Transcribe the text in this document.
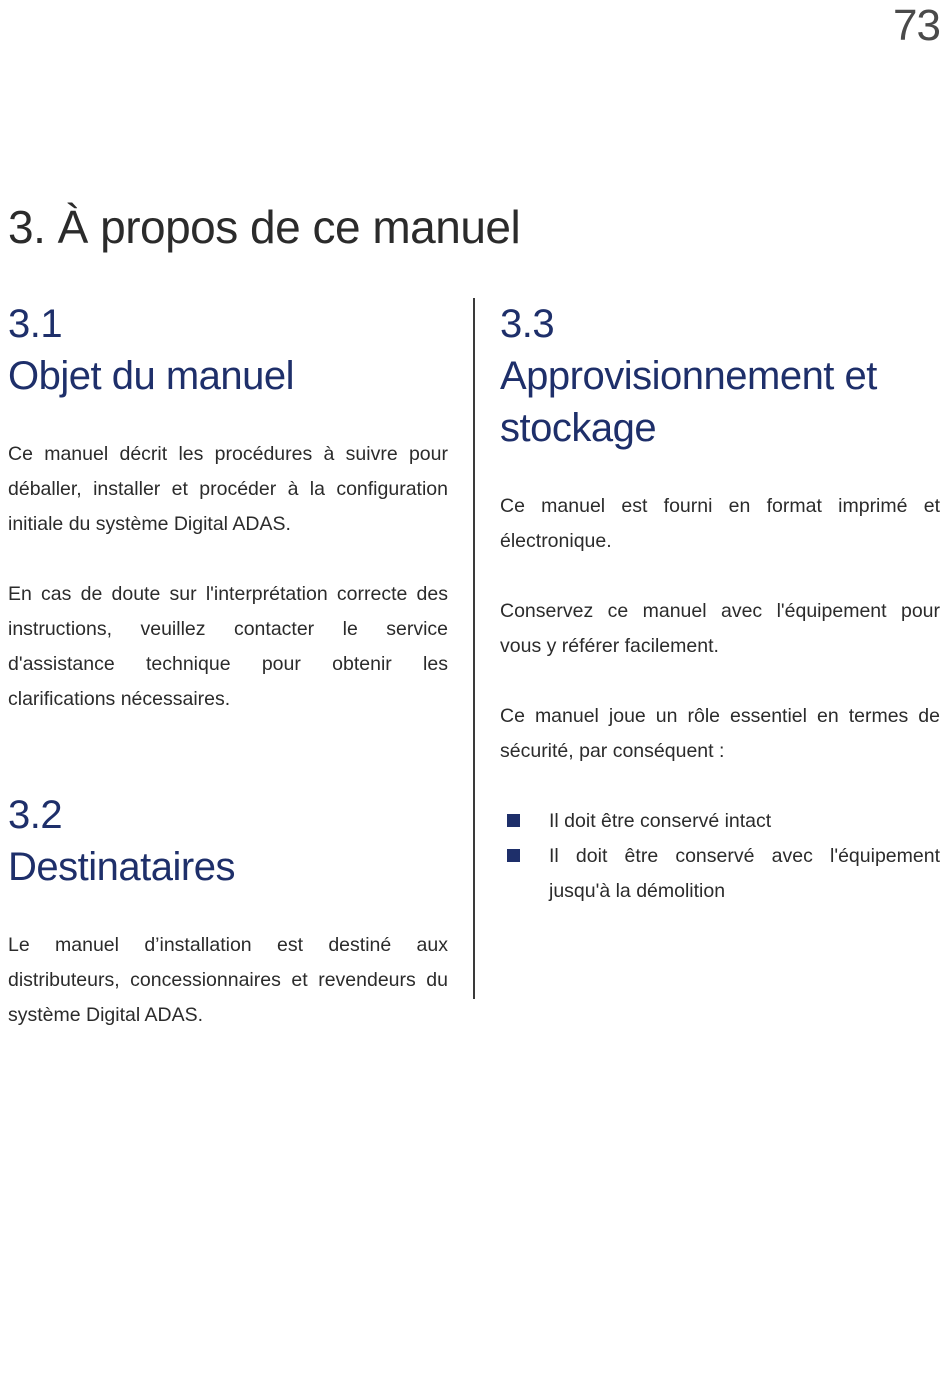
73
3. À propos de ce manuel
3.1
Objet du manuel

Ce manuel décrit les procédures à suivre pour déballer, installer et procéder à la configuration initiale du système Digital ADAS.

En cas de doute sur l'interprétation correcte des instructions, veuillez contacter le service d'assistance technique pour obtenir les clarifications nécessaires.

3.2
Destinataires

Le manuel d’installation est destiné aux distributeurs, concessionnaires et revendeurs du système Digital ADAS.

3.3
Approvisionnement et
stockage

Ce manuel est fourni en format imprimé et électronique.

Conservez ce manuel avec l'équipement pour vous y référer facilement.

Ce manuel joue un rôle essentiel en termes de sécurité, par conséquent :

Il doit être conservé intact
Il doit être conservé avec l'équipement jusqu'à la démolition
